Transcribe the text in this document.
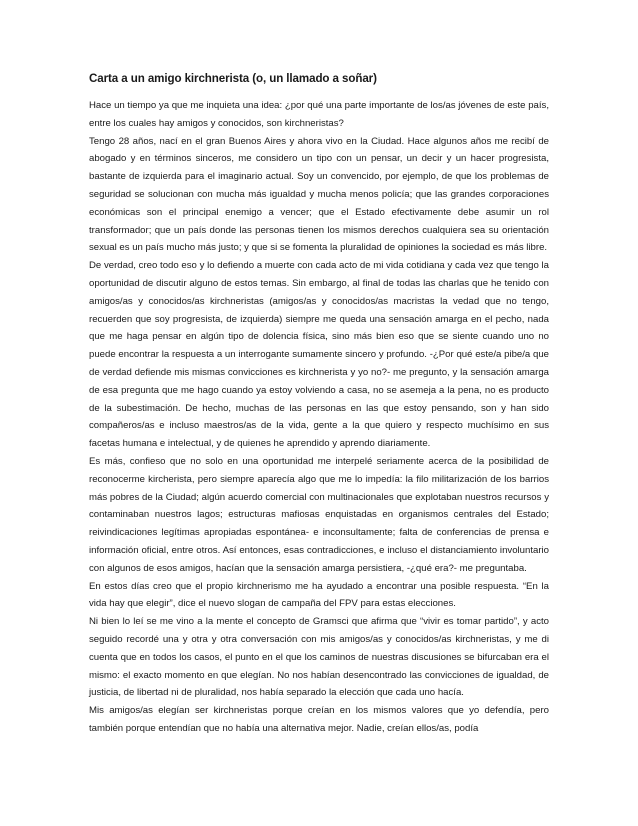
Carta a un amigo kirchnerista (o, un llamado a soñar)

Hace un tiempo ya que me inquieta una idea: ¿por qué una parte importante de los/as jóvenes de este país, entre los cuales hay amigos y conocidos, son kirchneristas?

Tengo 28 años, nací en el gran Buenos Aires y ahora vivo en la Ciudad. Hace algunos años me recibí de abogado y en términos sinceros, me considero un tipo con un pensar, un decir y un hacer progresista, bastante de izquierda para el imaginario actual. Soy un convencido, por ejemplo, de que los problemas de seguridad se solucionan con mucha más igualdad y mucha menos policía; que las grandes corporaciones económicas son el principal enemigo a vencer; que el Estado efectivamente debe asumir un rol transformador; que un país donde las personas tienen los mismos derechos cualquiera sea su orientación sexual es un país mucho más justo; y que si se fomenta la pluralidad de opiniones la sociedad es más libre.

De verdad, creo todo eso y lo defiendo a muerte con cada acto de mi vida cotidiana y cada vez que tengo la oportunidad de discutir alguno de estos temas. Sin embargo, al final de todas las charlas que he tenido con amigos/as y conocidos/as kirchneristas (amigos/as y conocidos/as macristas la vedad que no tengo, recuerden que soy progresista, de izquierda) siempre me queda una sensación amarga en el pecho, nada que me haga pensar en algún tipo de dolencia física, sino más bien eso que se siente cuando uno no puede encontrar la respuesta a un interrogante sumamente sincero y profundo. -¿Por qué este/a pibe/a que de verdad defiende mis mismas convicciones es kirchnerista y yo no?- me pregunto, y la sensación amarga de esa pregunta que me hago cuando ya estoy volviendo a casa, no se asemeja a la pena, no es producto de la subestimación. De hecho, muchas de las personas en las que estoy pensando, son y han sido compañeros/as e incluso maestros/as de la vida, gente a la que quiero y respecto muchísimo en sus facetas humana e intelectual, y de quienes he aprendido y aprendo diariamente.

Es más, confieso que no solo en una oportunidad me interpelé seriamente acerca de la posibilidad de reconocerme kircherista, pero siempre aparecía algo que me lo impedía: la filo militarización de los barrios más pobres de la Ciudad; algún acuerdo comercial con multinacionales que explotaban nuestros recursos y contaminaban nuestros lagos; estructuras mafiosas enquistadas en organismos centrales del Estado; reivindicaciones legítimas apropiadas espontánea- e inconsultamente; falta de conferencias de prensa e información oficial, entre otros. Así entonces, esas contradicciones, e incluso el distanciamiento involuntario con algunos de esos amigos, hacían que la sensación amarga persistiera, -¿qué era?- me preguntaba.

En estos días creo que el propio kirchnerismo me ha ayudado a encontrar una posible respuesta. “En la vida hay que elegir”, dice el nuevo slogan de campaña del FPV para estas elecciones.

Ni bien lo leí se me vino a la mente el concepto de Gramsci que afirma que “vivir es tomar partido”, y acto seguido recordé una y otra y otra conversación con mis amigos/as y conocidos/as kirchneristas, y me di cuenta que en todos los casos, el punto en el que los caminos de nuestras discusiones se bifurcaban era el mismo: el exacto momento en que elegían. No nos habían desencontrado las convicciones de igualdad, de justicia, de libertad ni de pluralidad, nos había separado la elección que cada uno hacía.

Mis amigos/as elegían ser kirchneristas porque creían en los mismos valores que yo defendía, pero también porque entendían que no había una alternativa mejor. Nadie, creían ellos/as, podía
